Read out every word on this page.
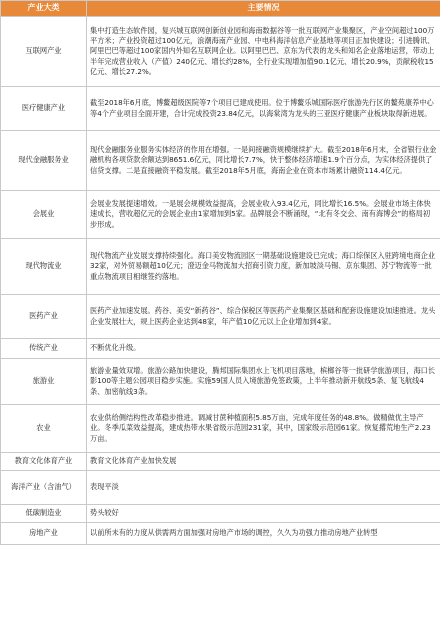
产业大类	主要情况
互联网产业	集中打造生态软件园，复兴城互联网创新创业园和海南数据谷等一批互联网产业集聚区，产业空间超过100万平方米；产业投资超过100亿元，浪潮海南产业园、中电科海洋信息产业基地等项目正加快建设；引进腾讯、阿里巴巴等超过100家国内外知名互联网企业。以阿里巴巴、京东为代表的龙头和知名企业落地运营，带动上半年完成营业收入（产值）240亿元、增长约28%，全行业实现增加值90.1亿元、增长20.9%，贡献税收15亿元、增长27.2%。
医疗健康产业	截至2018年6月底，博鳌超级医院等7个项目已建成使用。位于博鳌乐城国际医疗旅游先行区的鳌苑康养中心等4个产业项目全面开建，合计完成投资23.84亿元，以海棠湾为龙头的三亚医疗健康产业板块取得新进展。
现代金融服务业	现代金融服务业服务实体经济的作用在增强。一是间接融资规模继续扩大。截至2018年6月末，全省银行业金融机构各项贷款余额达到8651.6亿元，同比增长7.7%，快于整体经济增速1.9个百分点，为实体经济提供了信贷支撑。二是直接融资平稳发展。截至2018年5月底，海南企业在资本市场累计融资114.4亿元。
会展业	会展业发展提速增效。一是展会规模效益提高，会展业收入93.4亿元，同比增长16.5%。会展业市场主体快速成长，营收超亿元的会展企业由1家增加到5家。品牌展会不断涌现，“北有冬交会、南有海博会”的格局初步形成。
现代物流业	现代物流产业发展支撑持续强化。海口美安物流园区一期基础设施建设已完成；海口综保区入驻跨境电商企业32家，对外贸易额超10亿元；澄迈金马物流加大招商引资力度，新加坡淡马锡、京东集团、苏宁物流等一批重点物流项目相继签约落地。
医药产业	医药产业加速发展。药谷、美安“新药谷”、综合保税区等医药产业集聚区基础和配套设施建设加速推进。龙头企业发展壮大，规上医药企业达到48家，年产值10亿元以上企业增加到4家。
传统产业	不断优化升级。
旅游业	旅游业量效双增。旅游公路加快建设，腾邦国际集团水上飞机项目落地，槟榔谷等一批研学旅游项目，海口长影100等主题公园项目稳步实施。实施59国人员入境旅游免签政策，上半年推动新开航线5条、复飞航线4条、加密航线3条。
农业	农业供给侧结构性改革稳步推进。调减甘蔗种植面积5.85万亩，完成年度任务的48.8%。做精做优主导产业。冬季瓜菜效益提高，建成热带水果省级示范园231家，其中，国家级示范园61家。恢复撂荒地生产2.23万亩。
教育文化体育产业	教育文化体育产业加快发展
海洋产业（含油气）	表现平淡
低碳制造业	势头较好
房地产业	以前所未有的力度从供需两方面加强对房地产市场的调控，久久为功强力推动房地产业转型
